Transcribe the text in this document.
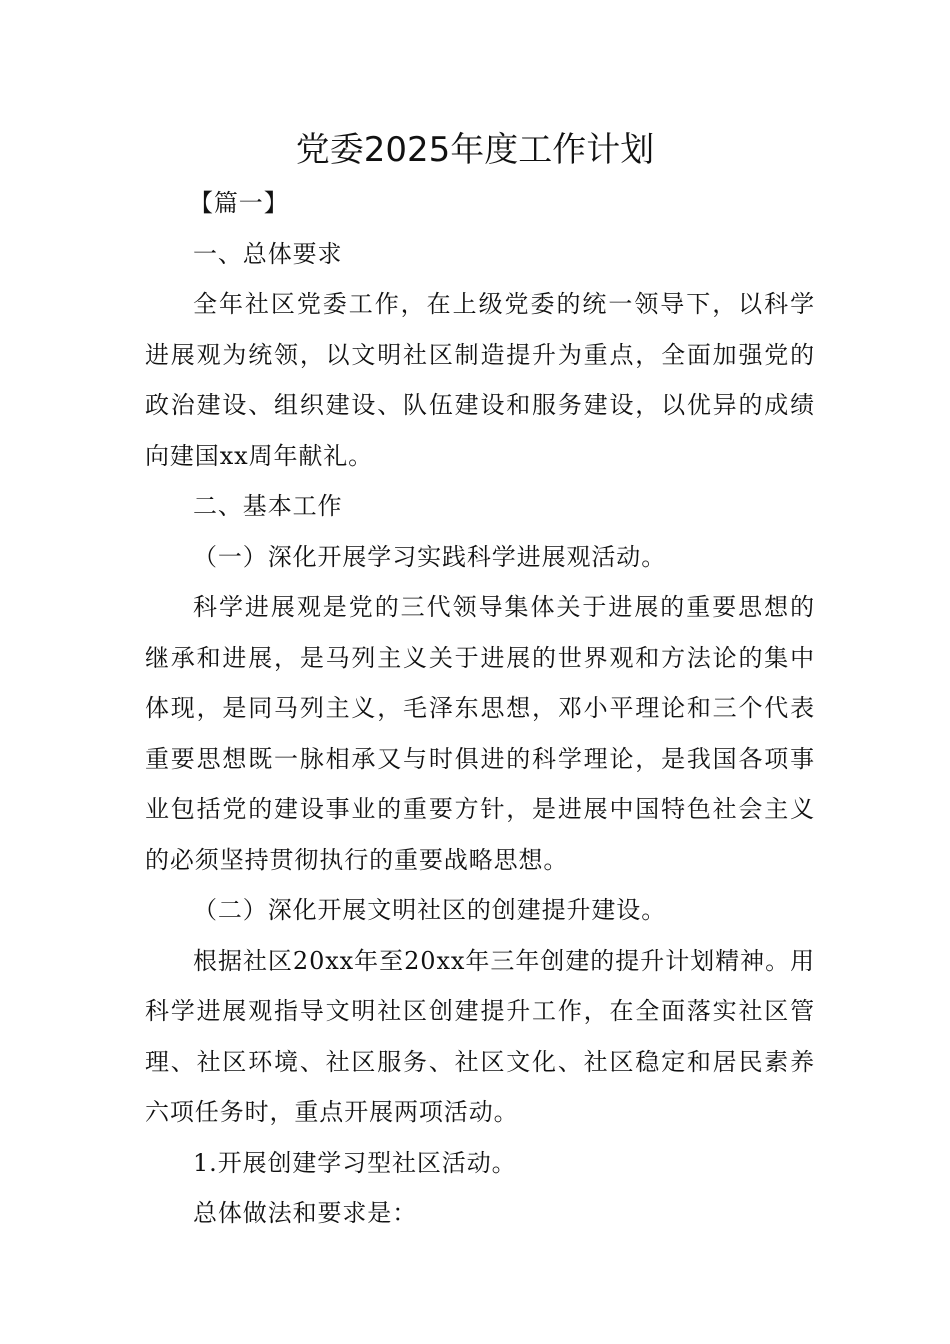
党委2025年度工作计划

【篇一】

一、总体要求

全年社区党委工作，在上级党委的统一领导下，以科学进展观为统领，以文明社区制造提升为重点，全面加强党的政治建设、组织建设、队伍建设和服务建设，以优异的成绩向建国xx周年献礼。

二、基本工作

（一）深化开展学习实践科学进展观活动。

科学进展观是党的三代领导集体关于进展的重要思想的继承和进展，是马列主义关于进展的世界观和方法论的集中体现，是同马列主义，毛泽东思想，邓小平理论和三个代表重要思想既一脉相承又与时俱进的科学理论，是我国各项事业包括党的建设事业的重要方针，是进展中国特色社会主义的必须坚持贯彻执行的重要战略思想。

（二）深化开展文明社区的创建提升建设。

根据社区20xx年至20xx年三年创建的提升计划精神。用科学进展观指导文明社区创建提升工作，在全面落实社区管理、社区环境、社区服务、社区文化、社区稳定和居民素养六项任务时，重点开展两项活动。

1.开展创建学习型社区活动。

总体做法和要求是：
